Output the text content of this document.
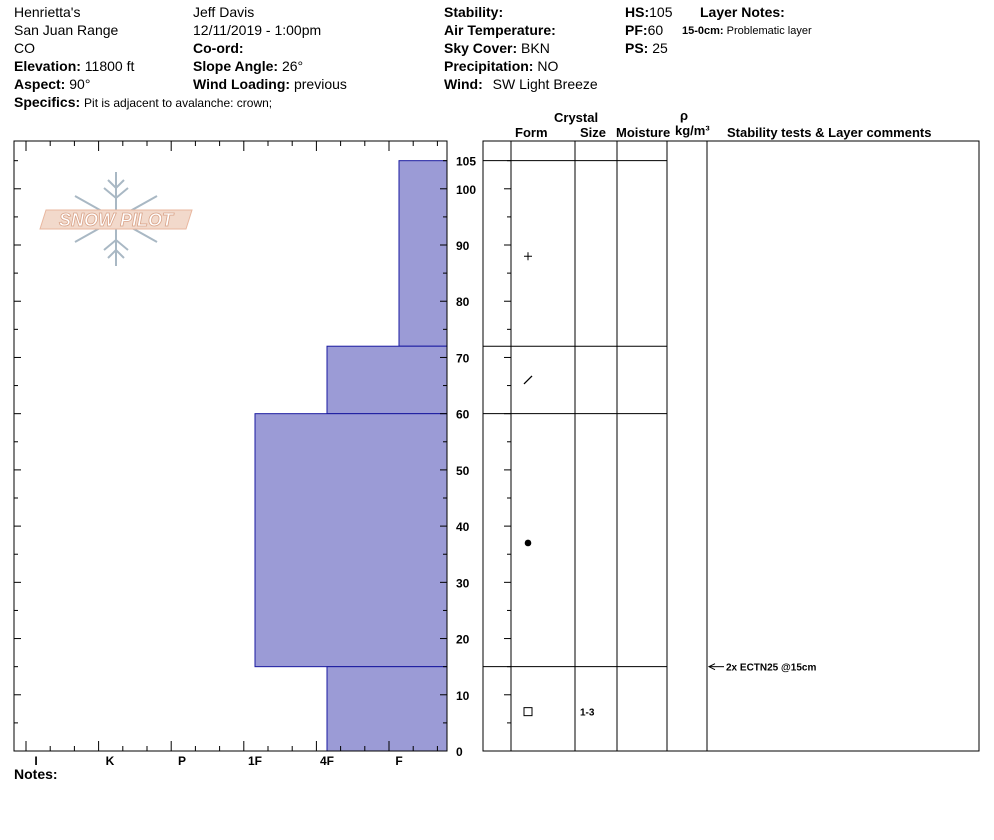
Henrietta's
San Juan Range
CO
Elevation: 11800 ft
Aspect: 90°
Specifics: Pit is adjacent to avalanche: crown;
Jeff Davis
12/11/2019 - 1:00pm
Co-ord:
Slope Angle: 26°
Wind Loading: previous
Stability:
Air Temperature:
Sky Cover: BKN
Precipitation: NO
Wind: SW Light Breeze
HS:105
PF:60
PS: 25
Layer Notes:
15-0cm: Problematic layer
Crystal
Form	Size Moisture
ρ
kg/m³ Stability tests & Layer comments
Notes:
SNOW PILOT
0
10
20
30
40
50
60
70
80
90
100
105
I	K	P	1F	4F	F
1-3
2x ECTN25 @15cm
